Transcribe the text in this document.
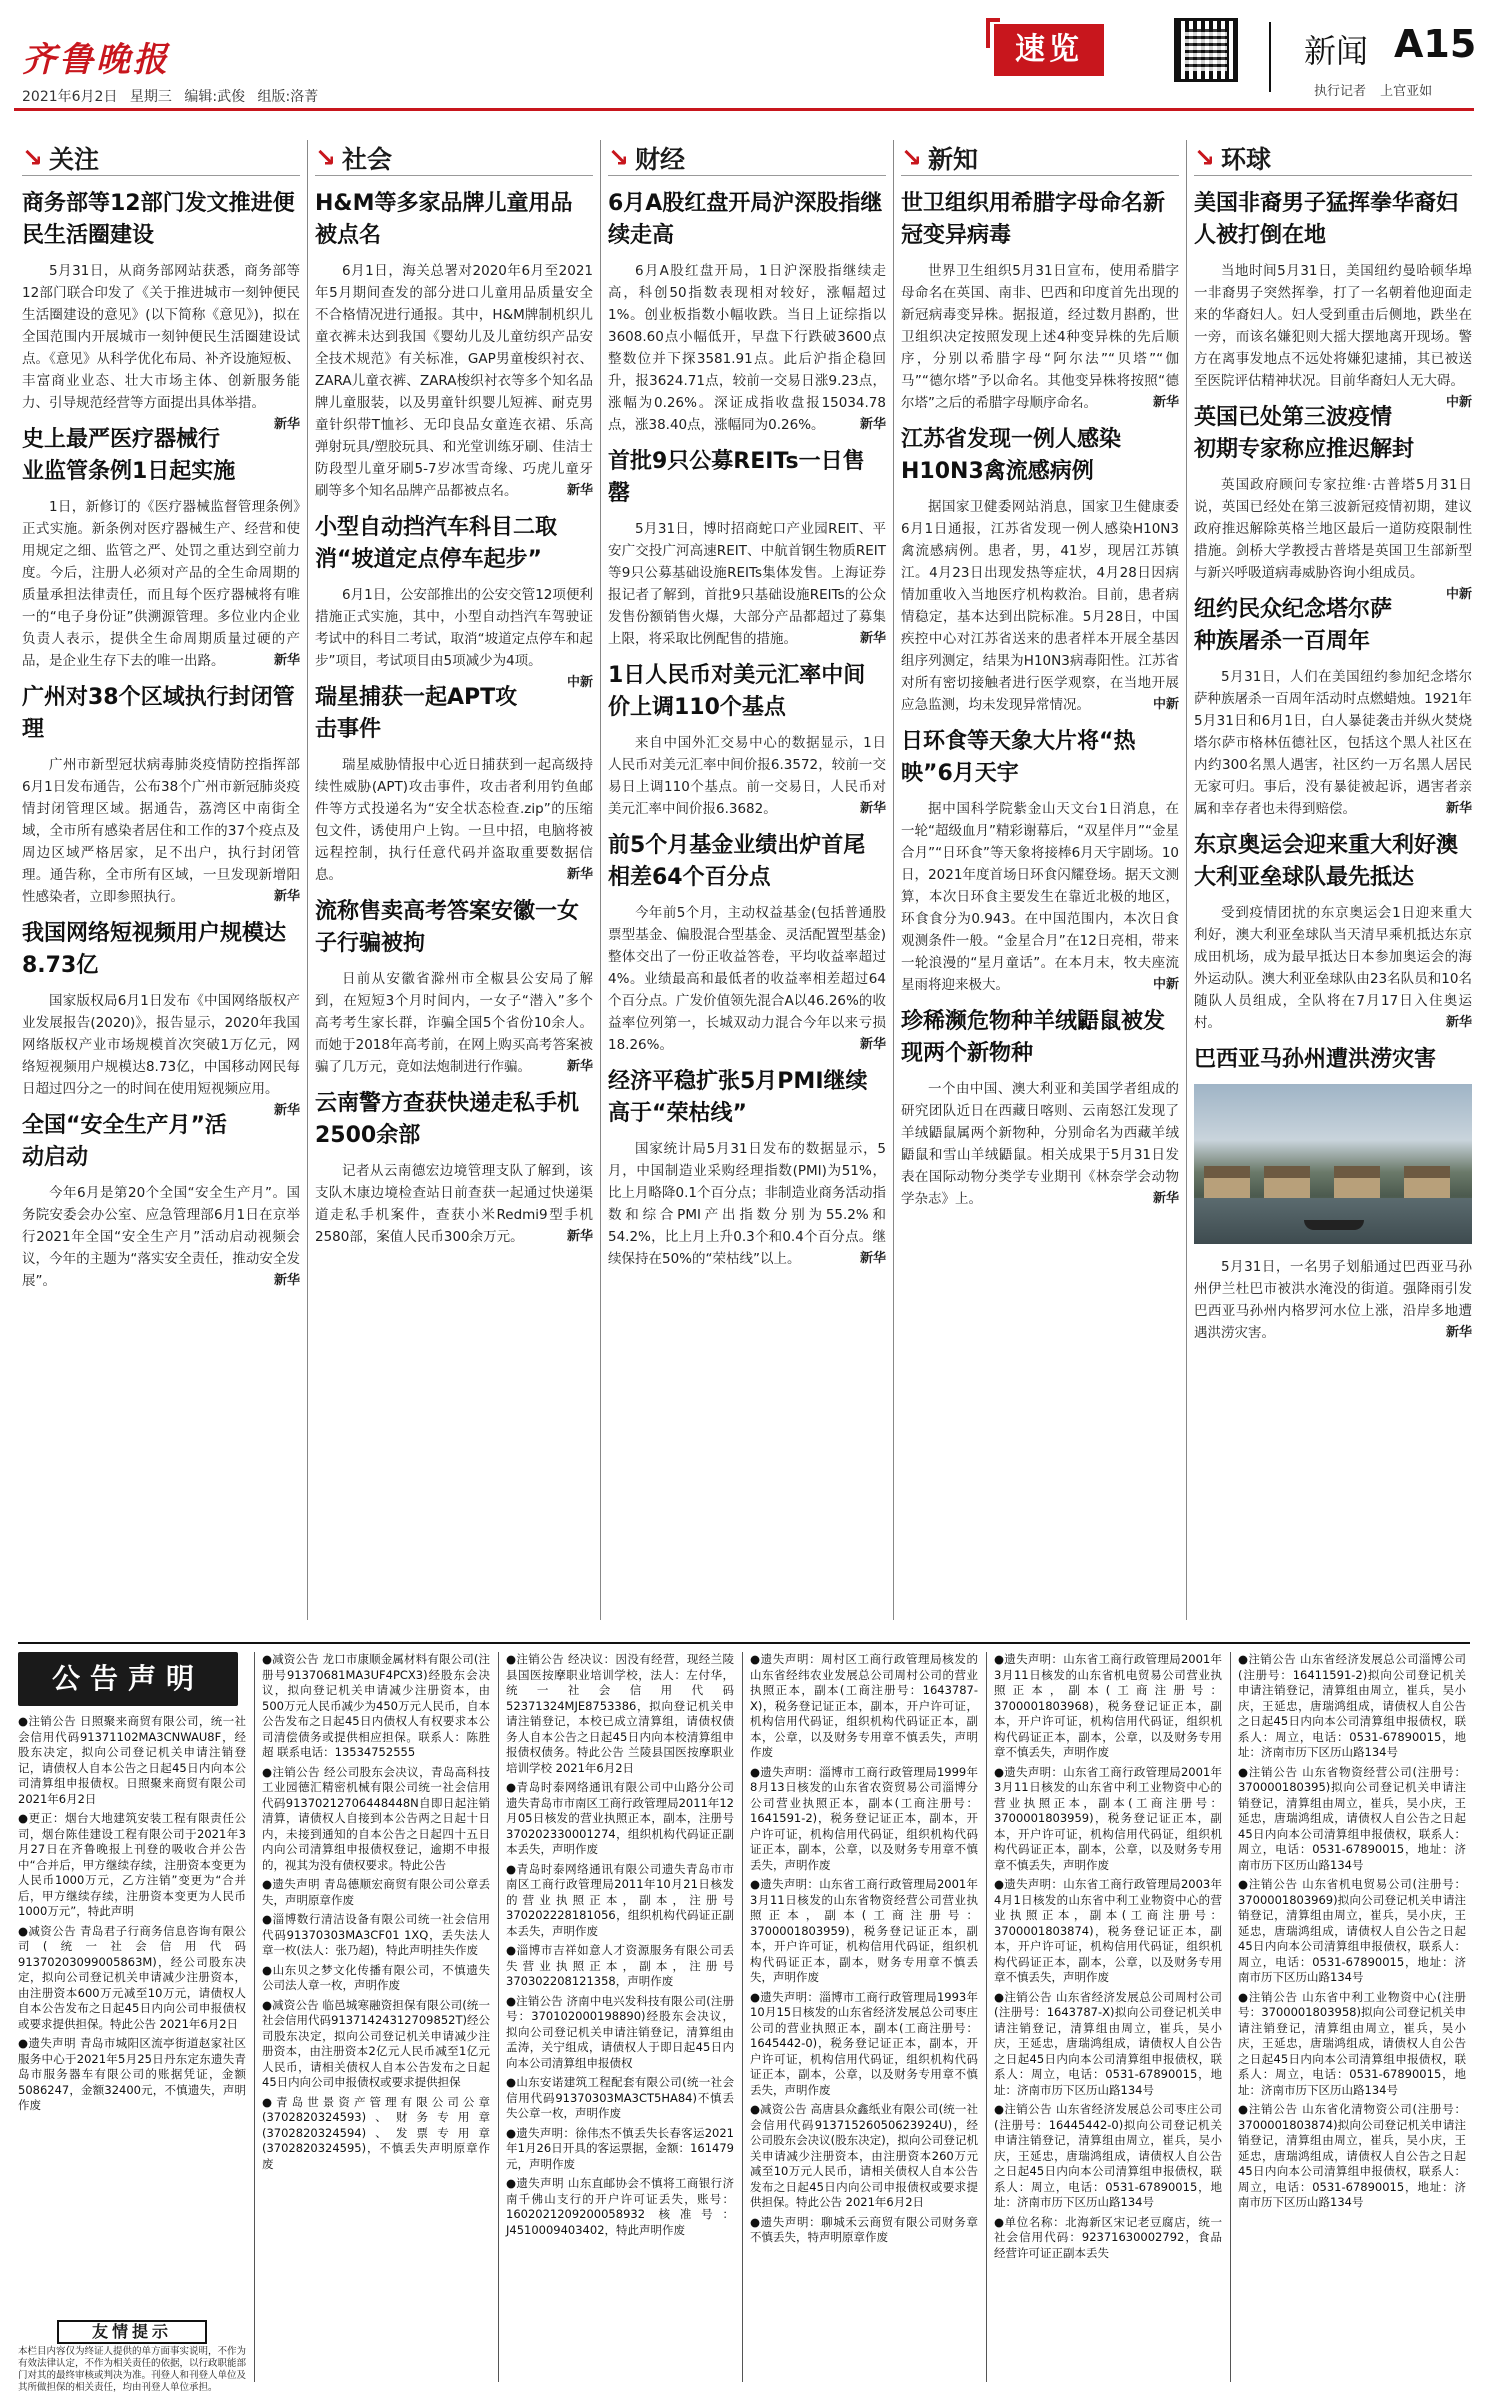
齐鲁晚报
2021年6月2日 星期三 编辑:武俊 组版:洛菁
速览	新闻 A15
执行记者 上官亚如
↘ 关注
商务部等12部门发文推进便民生活圈建设
5月31日，从商务部网站获悉，商务部等12部门联合印发了《关于推进城市一刻钟便民生活圈建设的意见》(以下简称《意见》)，拟在全国范围内开展城市一刻钟便民生活圈建设试点。《意见》从科学优化布局、补齐设施短板、丰富商业业态、壮大市场主体、创新服务能力、引导规范经营等方面提出具体举措。
新华
史上最严医疗器械行业监管条例1日起实施
1日，新修订的《医疗器械监督管理条例》正式实施。新条例对医疗器械生产、经营和使用规定之细、监管之严、处罚之重达到空前力度。今后，注册人必须对产品的全生命周期的质量承担法律责任，而且每个医疗器械将有唯一的“电子身份证”供溯源管理。多位业内企业负责人表示，提供全生命周期质量过硬的产品，是企业生存下去的唯一出路。	新华
广州对38个区域执行封闭管理
广州市新型冠状病毒肺炎疫情防控指挥部6月1日发布通告，公布38个广州市新冠肺炎疫情封闭管理区域。据通告，荔湾区中南街全域，全市所有感染者居住和工作的37个疫点及周边区域严格居家，足不出户，执行封闭管理。通告称，全市所有区域，一旦发现新增阳性感染者，立即参照执行。	新华
我国网络短视频用户规模达8.73亿
国家版权局6月1日发布《中国网络版权产业发展报告(2020)》，报告显示，2020年我国网络版权产业市场规模首次突破1万亿元，网络短视频用户规模达8.73亿，中国移动网民每日超过四分之一的时间在使用短视频应用。
新华
全国“安全生产月”活动启动
今年6月是第20个全国“安全生产月”。国务院安委会办公室、应急管理部6月1日在京举行2021年全国“安全生产月”活动启动视频会议，今年的主题为“落实安全责任，推动安全发展”。	新华
↘ 社会
H&M等多家品牌儿童用品被点名
6月1日，海关总署对2020年6月至2021年5月期间查发的部分进口儿童用品质量安全不合格情况进行通报。其中，H&M牌制机织儿童衣裤未达到我国《婴幼儿及儿童纺织产品安全技术规范》有关标准，GAP男童梭织衬衣、ZARA儿童衣裤、ZARA梭织衬衣等多个知名品牌儿童服装，以及男童针织婴儿短裤、耐克男童针织带T恤衫、无印良品女童连衣裙、乐高弹射玩具/塑胶玩具、和光堂训练牙刷、佳洁士防段型儿童牙刷5-7岁冰雪奇缘、巧虎儿童牙刷等多个知名品牌产品都被点名。	新华
小型自动挡汽车科目二取消“坡道定点停车起步”
6月1日，公安部推出的公安交管12项便利措施正式实施，其中，小型自动挡汽车驾驶证考试中的科目二考试，取消“坡道定点停车和起步”项目，考试项目由5项减少为4项。
中新
瑞星捕获一起APT攻击事件
瑞星威胁情报中心近日捕获到一起高级持续性威胁(APT)攻击事件，攻击者利用钓鱼邮件等方式投递名为“安全状态检查.zip”的压缩包文件，诱使用户上钩。一旦中招，电脑将被远程控制，执行任意代码并盗取重要数据信息。	新华
流称售卖高考答案安徽一女子行骗被拘
日前从安徽省滁州市全椒县公安局了解到，在短短3个月时间内，一女子“潜入”多个高考考生家长群，诈骗全国5个省份10余人。而她于2018年高考前，在网上购买高考答案被骗了几万元，竟如法炮制进行作骗。	新华
云南警方查获快递走私手机2500余部
记者从云南德宏边境管理支队了解到，该支队木康边境检查站日前查获一起通过快递渠道走私手机案件，查获小米Redmi9型手机2580部，案值人民币300余万元。	新华
↘ 财经
6月A股红盘开局沪深股指继续走高
6月A股红盘开局，1日沪深股指继续走高，科创50指数表现相对较好，涨幅超过1%。创业板指数小幅收跌。当日上证综指以3608.60点小幅低开，早盘下行跌破3600点整数位并下探3581.91点。此后沪指企稳回升，报3624.71点，较前一交易日涨9.23点，涨幅为0.26%。深证成指收盘报15034.78点，涨38.40点，涨幅同为0.26%。	新华
首批9只公募REITs一日售罄
5月31日，博时招商蛇口产业园REIT、平安广交投广河高速REIT、中航首钢生物质REIT等9只公募基础设施REITs集体发售。上海证券报记者了解到，首批9只基础设施REITs的公众发售份额销售火爆，大部分产品都超过了募集上限，将采取比例配售的措施。	新华
1日人民币对美元汇率中间价上调110个基点
来自中国外汇交易中心的数据显示，1日人民币对美元汇率中间价报6.3572，较前一交易日上调110个基点。前一交易日，人民币对美元汇率中间价报6.3682。	新华
前5个月基金业绩出炉首尾相差64个百分点
今年前5个月，主动权益基金(包括普通股票型基金、偏股混合型基金、灵活配置型基金)整体交出了一份正收益答卷，平均收益率超过4%。业绩最高和最低者的收益率相差超过64个百分点。广发价值领先混合A以46.26%的收益率位列第一，长城双动力混合今年以来亏损18.26%。	新华
经济平稳扩张5月PMI继续高于“荣枯线”
国家统计局5月31日发布的数据显示，5月，中国制造业采购经理指数(PMI)为51%，比上月略降0.1个百分点；非制造业商务活动指数和综合PMI产出指数分别为55.2%和54.2%，比上月上升0.3个和0.4个百分点。继续保持在50%的“荣枯线”以上。	新华
↘ 新知
世卫组织用希腊字母命名新冠变异病毒
世界卫生组织5月31日宣布，使用希腊字母命名在英国、南非、巴西和印度首先出现的新冠病毒变异株。据报道，经过数月斟酌，世卫组织决定按照发现上述4种变异株的先后顺序，分别以希腊字母“阿尔法”“贝塔”“伽马”“德尔塔”予以命名。其他变异株将按照“德尔塔”之后的希腊字母顺序命名。	新华
江苏省发现一例人感染H10N3禽流感病例
据国家卫健委网站消息，国家卫生健康委6月1日通报，江苏省发现一例人感染H10N3禽流感病例。患者，男，41岁，现居江苏镇江。4月23日出现发热等症状，4月28日因病情加重收入当地医疗机构救治。目前，患者病情稳定，基本达到出院标准。5月28日，中国疾控中心对江苏省送来的患者样本开展全基因组序列测定，结果为H10N3病毒阳性。江苏省对所有密切接触者进行医学观察，在当地开展应急监测，均未发现异常情况。	中新
日环食等天象大片将“热映”6月天宇
据中国科学院紫金山天文台1日消息，在一轮“超级血月”精彩谢幕后，“双星伴月”“金星合月”“日环食”等天象将接棒6月天宇剧场。10日，2021年度首场日环食闪耀登场。据天文测算，本次日环食主要发生在靠近北极的地区，环食食分为0.943。在中国范围内，本次日食观测条件一般。“金星合月”在12日亮相，带来一轮浪漫的“星月童话”。在本月末，牧夫座流星雨将迎来极大。	中新
珍稀濒危物种羊绒鼯鼠被发现两个新物种
一个由中国、澳大利亚和美国学者组成的研究团队近日在西藏日喀则、云南怒江发现了羊绒鼯鼠属两个新物种，分别命名为西藏羊绒鼯鼠和雪山羊绒鼯鼠。相关成果于5月31日发表在国际动物分类学专业期刊《林奈学会动物学杂志》上。	新华
↘ 环球
美国非裔男子猛挥拳华裔妇人被打倒在地
当地时间5月31日，美国纽约曼哈顿华埠一非裔男子突然挥拳，打了一名朝着他迎面走来的华裔妇人。妇人受到重击后侧地，跌坐在一旁，而该名嫌犯则大摇大摆地离开现场。警方在离事发地点不远处将嫌犯逮捕，其已被送至医院评估精神状况。目前华裔妇人无大碍。
中新
英国已处第三波疫情初期专家称应推迟解封
英国政府顾问专家拉维·古普塔5月31日说，英国已经处在第三波新冠疫情初期，建议政府推迟解除英格兰地区最后一道防疫限制性措施。剑桥大学教授古普塔是英国卫生部新型与新兴呼吸道病毒威胁咨询小组成员。
中新
纽约民众纪念塔尔萨种族屠杀一百周年
5月31日，人们在美国纽约参加纪念塔尔萨种族屠杀一百周年活动时点燃蜡烛。1921年5月31日和6月1日，白人暴徒袭击并纵火焚烧塔尔萨市格林伍德社区，包括这个黑人社区在内约300名黑人遇害，社区约一万名黑人居民无家可归。事后，没有暴徒被起诉，遇害者亲属和幸存者也未得到赔偿。	新华
东京奥运会迎来重大利好澳大利亚垒球队最先抵达
受到疫情团扰的东京奥运会1日迎来重大利好，澳大利亚垒球队当天清早乘机抵达东京成田机场，成为最早抵达日本参加奥运会的海外运动队。澳大利亚垒球队由23名队员和10名随队人员组成，全队将在7月17日入住奥运村。	新华
巴西亚马孙州遭洪涝灾害
5月31日，一名男子划船通过巴西亚马孙州伊兰杜巴市被洪水淹没的街道。强降雨引发巴西亚马孙州内格罗河水位上涨，沿岸多地遭遇洪涝灾害。	新华
公告声明
●注销公告 日照聚来商贸有限公司，统一社会信用代码91371102MA3CNWAU8F，经股东决定，拟向公司登记机关申请注销登记，请债权人自本公告之日起45日内向本公司清算组申报债权。日照聚来商贸有限公司 2021年6月2日
●更正：烟台大地建筑安装工程有限责任公司，烟台陈佳建设工程有限公司于2021年3月27日在齐鲁晚报上刊登的吸收合并公告中“合并后，甲方继续存续，注册资本变更为人民币1000万元，乙方注销”变更为“合并后，甲方继续存续，注册资本变更为人民币1000万元”，特此声明
●减资公告 青岛君子行商务信息咨询有限公司(统一社会信用代码91370203099005863M)，经公司股东决定，拟向公司登记机关申请减少注册资本，由注册资本600万元减至10万元，请债权人自本公告发布之日起45日内向公司申报债权或要求提供担保。特此公告 2021年6月2日
●遗失声明 青岛市城阳区流亭街道赵家社区服务中心于2021年5月25日丹东定东遗失青岛市服务器车有限公司的账据凭证，金额5086247，金额32400元，不慎遗失，声明作废
●减资公告 龙口市康顺金属材料有限公司(注册号91370681MA3UF4PCX3)经股东会决议，拟向登记机关申请减少注册资本，由500万元人民币减少为450万元人民币，自本公告发布之日起45日内债权人有权要求本公司清偿债务或提供相应担保。联系人：陈胜超 联系电话：13534752555
●注销公告 经公司股东会决议，青岛高科技工业园德汇精密机械有限公司统一社会信用代码91370212706448448N自即日起注销清算，请债权人自接到本公告两之日起十日内，未接到通知的自本公告之日起四十五日内向公司清算组申报债权登记，逾期不申报的，视其为没有债权要求。特此公告
●遗失声明 青岛德顺宏商贸有限公司公章丢失，声明原章作废
●淄博数行清洁设备有限公司统一社会信用代码91370303MA3CF01 1XQ，丢失法人章一枚(法人：张乃超)，特此声明挂失作废
●山东贝之梦文化传播有限公司，不慎遗失公司法人章一枚，声明作废
●减资公告 临邑城寒融资担保有限公司(统一社会信用代码91371424312709852T)经公司股东决定，拟向公司登记机关申请减少注册资本，由注册资本2亿元人民币减至1亿元人民币，请相关债权人自本公告发布之日起45日内向公司申报债权或要求提供担保
●青岛世景资产管理有限公司公章(3702820324593)、财务专用章(3702820324594)、发票专用章(3702820324595)，不慎丢失声明原章作废
●注销公告 经决议：因没有经营，现经兰陵县国医按摩职业培训学校，法人：左付华，统一社会信用代码52371324MJE8753386，拟向登记机关申请注销登记，本校已成立清算组，请债权债务人自本公告之日起45日内向本校清算组申报债权债务。特此公告 兰陵县国医按摩职业培训学校 2021年6月2日
●青岛时泰网络通讯有限公司中山路分公司遗失青岛市市南区工商行政管理局2011年12月05日核发的营业执照正本，副本，注册号370202330001274，组织机构代码证正副本丢失，声明作废
●青岛时泰网络通讯有限公司遗失青岛市市南区工商行政管理局2011年10月21日核发的营业执照正本，副本，注册号370202228181056，组织机构代码证正副本丢失，声明作废
●淄博市吉祥如意人才资源服务有限公司丢失营业执照正本，副本，注册号370302208121358，声明作废
●注销公告 济南中电兴发科技有限公司(注册号：370102000198890)经股东会决议，拟向公司登记机关申请注销登记，清算组由孟涛，关宁组成，请债权人于即日起45日内向本公司清算组申报债权
●山东安诺建筑工程配套有限公司(统一社会信用代码91370303MA3CT5HA84)不慎丢失公章一枚，声明作废
●遗失声明：徐伟杰不慎丢失长春客运2021年1月26日开具的客运票据，金额：161479元，声明作废
●遗失声明 山东直邮协会不慎将工商银行济南千佛山支行的开户许可证丢失，账号：1602021209200058932 核准号：J4510009403402，特此声明作废
●遗失声明：周村区工商行政管理局核发的山东省经纬农业发展总公司周村公司的营业执照正本，副本(工商注册号：1643787-X)，税务登记证正本，副本，开户许可证，机构信用代码证，组织机构代码证正本，副本，公章，以及财务专用章不慎丢失，声明作废
●遗失声明：淄博市工商行政管理局1999年8月13日核发的山东省农资贸易公司淄博分公司营业执照正本，副本(工商注册号：1641591-2)，税务登记证正本，副本，开户许可证，机构信用代码证，组织机构代码证正本，副本，公章，以及财务专用章不慎丢失，声明作废
●遗失声明：山东省工商行政管理局2001年3月11日核发的山东省物资经营公司营业执照正本，副本(工商注册号：3700001803959)，税务登记证正本，副本，开户许可证，机构信用代码证，组织机构代码证正本，副本，财务专用章不慎丢失，声明作废
●遗失声明：淄博市工商行政管理局1993年10月15日核发的山东省经济发展总公司枣庄公司的营业执照正本，副本(工商注册号：1645442-0)，税务登记证正本，副本，开户许可证，机构信用代码证，组织机构代码证正本，副本，公章，以及财务专用章不慎丢失，声明作废
●减资公告 高唐县众鑫纸业有限公司(统一社会信用代码91371526050623924U)，经公司股东会决议(股东决定)，拟向公司登记机关申请减少注册资本，由注册资本260万元减至10万元人民币，请相关债权人自本公告发布之日起45日内向公司申报债权或要求提供担保。特此公告 2021年6月2日
●遗失声明：聊城禾云商贸有限公司财务章不慎丢失，特声明原章作废
●遗失声明：山东省工商行政管理局2001年3月11日核发的山东省机电贸易公司营业执照正本，副本(工商注册号：3700001803968)，税务登记证正本，副本，开户许可证，机构信用代码证，组织机构代码证正本，副本，公章，以及财务专用章不慎丢失，声明作废
●遗失声明：山东省工商行政管理局2001年3月11日核发的山东省中利工业物资中心的营业执照正本，副本(工商注册号：3700001803959)，税务登记证正本，副本，开户许可证，机构信用代码证，组织机构代码证正本，副本，公章，以及财务专用章不慎丢失，声明作废
●遗失声明：山东省工商行政管理局2003年4月1日核发的山东省中利工业物资中心的营业执照正本，副本(工商注册号：3700001803874)，税务登记证正本，副本，开户许可证，机构信用代码证，组织机构代码证正本，副本，公章，以及财务专用章不慎丢失，声明作废
●注销公告 山东省经济发展总公司周村公司(注册号：1643787-X)拟向公司登记机关申请注销登记，清算组由周立，崔兵，吴小庆，王延忠，唐瑞鸿组成，请债权人自公告之日起45日内向本公司清算组申报债权，联系人：周立，电话：0531-67890015，地址：济南市历下区历山路134号
●注销公告 山东省经济发展总公司枣庄公司(注册号：16445442-0)拟向公司登记机关申请注销登记，清算组由周立，崔兵，吴小庆，王延忠，唐瑞鸿组成，请债权人自公告之日起45日内向本公司清算组申报债权，联系人：周立，电话：0531-67890015，地址：济南市历下区历山路134号
●单位名称：北海新区宋记老豆腐店，统一社会信用代码：92371630002792，食品经营许可证正副本丢失
●注销公告 山东省经济发展总公司淄博公司(注册号：16411591-2)拟向公司登记机关申请注销登记，清算组由周立，崔兵，吴小庆，王延忠，唐瑞鸿组成，请债权人自公告之日起45日内向本公司清算组申报债权，联系人：周立，电话：0531-67890015，地址：济南市历下区历山路134号
●注销公告 山东省物资经营公司(注册号：370000180395)拟向公司登记机关申请注销登记，清算组由周立，崔兵，吴小庆，王延忠，唐瑞鸿组成，请债权人自公告之日起45日内向本公司清算组申报债权，联系人：周立，电话：0531-67890015，地址：济南市历下区历山路134号
●注销公告 山东省机电贸易公司(注册号：3700001803969)拟向公司登记机关申请注销登记，清算组由周立，崔兵，吴小庆，王延忠，唐瑞鸿组成，请债权人自公告之日起45日内向本公司清算组申报债权，联系人：周立，电话：0531-67890015，地址：济南市历下区历山路134号
●注销公告 山东省中利工业物资中心(注册号：3700001803958)拟向公司登记机关申请注销登记，清算组由周立，崔兵，吴小庆，王延忠，唐瑞鸿组成，请债权人自公告之日起45日内向本公司清算组申报债权，联系人：周立，电话：0531-67890015，地址：济南市历下区历山路134号
●注销公告 山东省化清物资公司(注册号：3700001803874)拟向公司登记机关申请注销登记，清算组由周立，崔兵，吴小庆，王延忠，唐瑞鸿组成，请债权人自公告之日起45日内向本公司清算组申报债权，联系人：周立，电话：0531-67890015，地址：济南市历下区历山路134号
友情提示
本栏目内容仅为终证人提供的单方面事实说明，不作为有效法律认定，不作为相关责任的依据，以行政职能部门对其的最终审核或判决为准。刊登人和刊登人单位及其所做担保的相关责任，均由刊登人单位承担。
